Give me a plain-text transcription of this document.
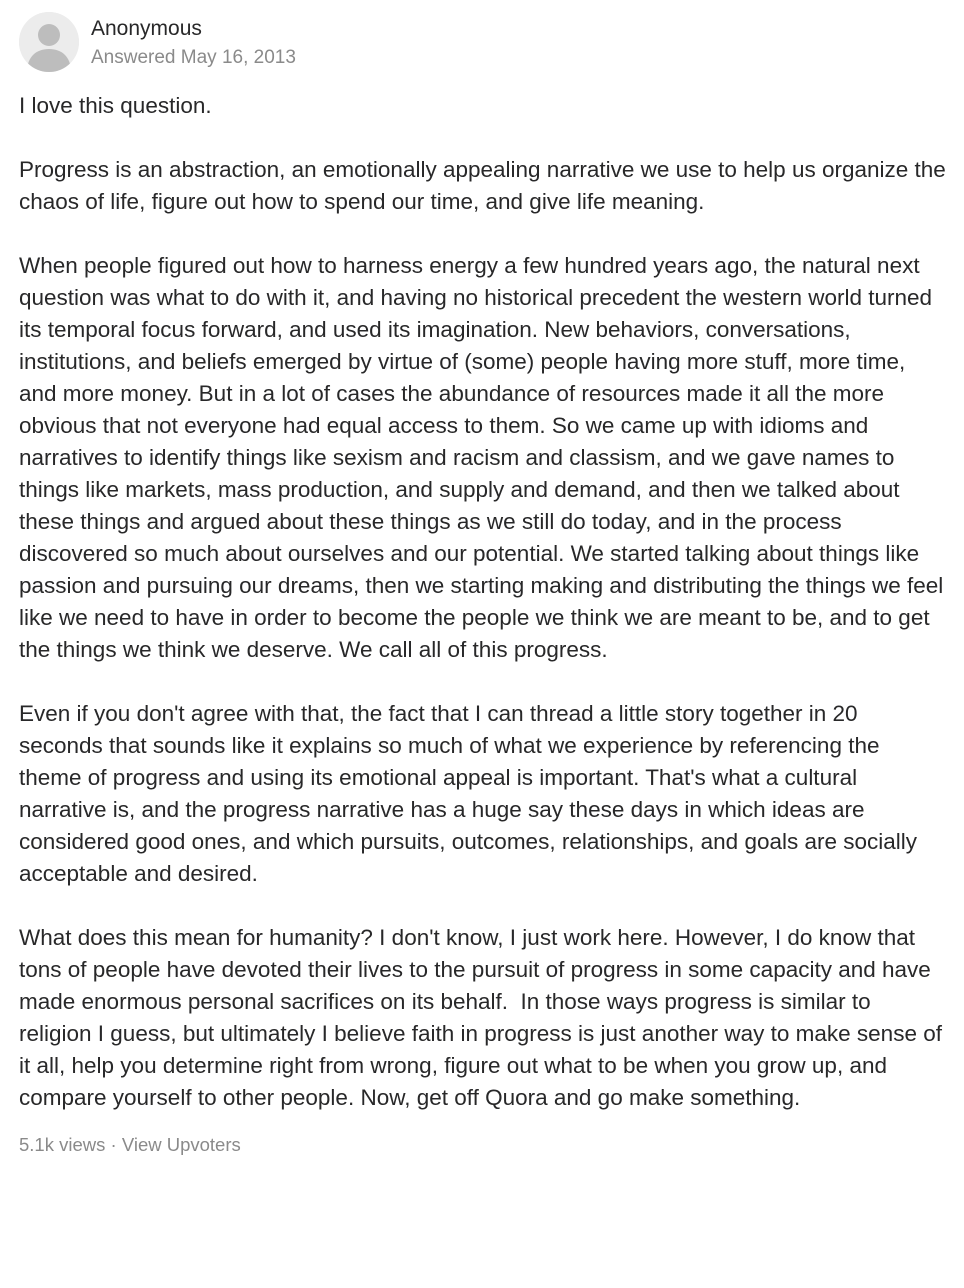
Anonymous
Answered May 16, 2013

I love this question.

Progress is an abstraction, an emotionally appealing narrative we use to help us organize the chaos of life, figure out how to spend our time, and give life meaning.

When people figured out how to harness energy a few hundred years ago, the natural next question was what to do with it, and having no historical precedent the western world turned its temporal focus forward, and used its imagination. New behaviors, conversations, institutions, and beliefs emerged by virtue of (some) people having more stuff, more time, and more money. But in a lot of cases the abundance of resources made it all the more obvious that not everyone had equal access to them. So we came up with idioms and narratives to identify things like sexism and racism and classism, and we gave names to things like markets, mass production, and supply and demand, and then we talked about these things and argued about these things as we still do today, and in the process discovered so much about ourselves and our potential. We started talking about things like passion and pursuing our dreams, then we starting making and distributing the things we feel like we need to have in order to become the people we think we are meant to be, and to get the things we think we deserve. We call all of this progress.

Even if you don't agree with that, the fact that I can thread a little story together in 20 seconds that sounds like it explains so much of what we experience by referencing the theme of progress and using its emotional appeal is important. That's what a cultural narrative is, and the progress narrative has a huge say these days in which ideas are considered good ones, and which pursuits, outcomes, relationships, and goals are socially acceptable and desired.

What does this mean for humanity? I don't know, I just work here. However, I do know that tons of people have devoted their lives to the pursuit of progress in some capacity and have made enormous personal sacrifices on its behalf.  In those ways progress is similar to religion I guess, but ultimately I believe faith in progress is just another way to make sense of it all, help you determine right from wrong, figure out what to be when you grow up, and compare yourself to other people. Now, get off Quora and go make something.

5.1k views · View Upvoters
